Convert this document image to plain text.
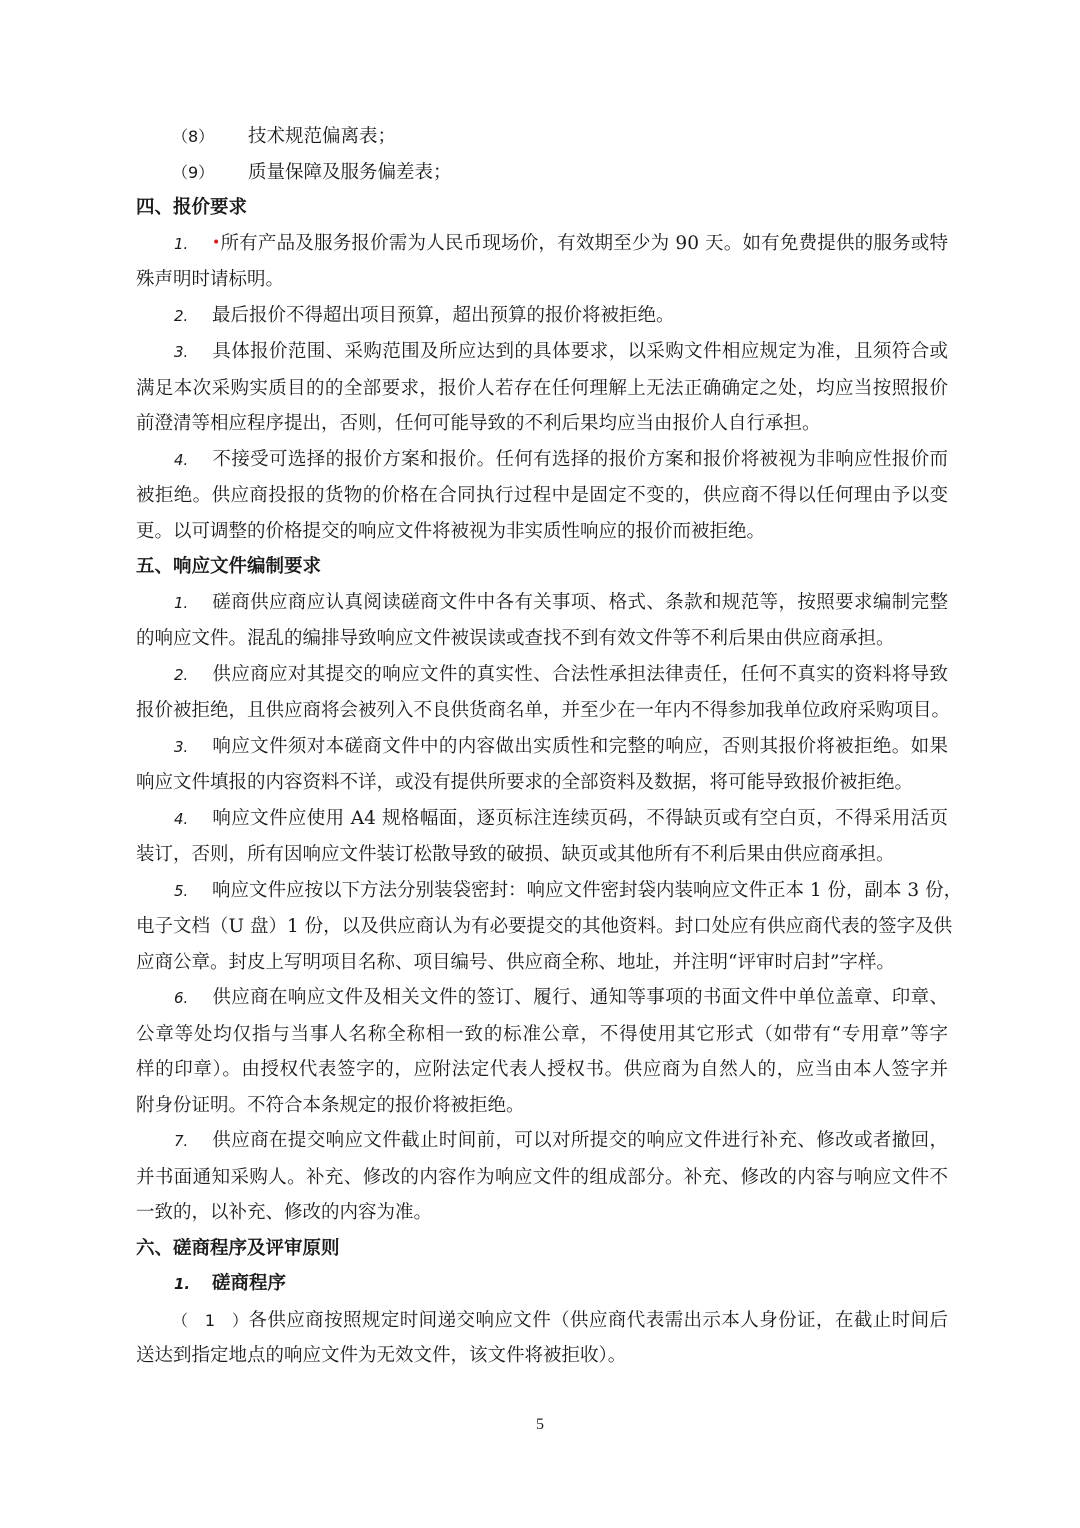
（8） 技术规范偏离表；
（9） 质量保障及服务偏差表；
四、报价要求
1. •所有产品及服务报价需为人民币现场价，有效期至少为 90 天。如有免费提供的服务或特
殊声明时请标明。
2. 最后报价不得超出项目预算，超出预算的报价将被拒绝。
3. 具体报价范围、采购范围及所应达到的具体要求，以采购文件相应规定为准，且须符合或
满足本次采购实质目的的全部要求，报价人若存在任何理解上无法正确确定之处，均应当按照报价
前澄清等相应程序提出，否则，任何可能导致的不利后果均应当由报价人自行承担。
4. 不接受可选择的报价方案和报价。任何有选择的报价方案和报价将被视为非响应性报价而
被拒绝。供应商投报的货物的价格在合同执行过程中是固定不变的，供应商不得以任何理由予以变
更。以可调整的价格提交的响应文件将被视为非实质性响应的报价而被拒绝。
五、响应文件编制要求
1. 磋商供应商应认真阅读磋商文件中各有关事项、格式、条款和规范等，按照要求编制完整
的响应文件。混乱的编排导致响应文件被误读或查找不到有效文件等不利后果由供应商承担。
2. 供应商应对其提交的响应文件的真实性、合法性承担法律责任，任何不真实的资料将导致
报价被拒绝，且供应商将会被列入不良供货商名单，并至少在一年内不得参加我单位政府采购项目。
3. 响应文件须对本磋商文件中的内容做出实质性和完整的响应，否则其报价将被拒绝。如果
响应文件填报的内容资料不详，或没有提供所要求的全部资料及数据，将可能导致报价被拒绝。
4. 响应文件应使用 A4 规格幅面，逐页标注连续页码，不得缺页或有空白页，不得采用活页
装订，否则，所有因响应文件装订松散导致的破损、缺页或其他所有不利后果由供应商承担。
5. 响应文件应按以下方法分别装袋密封：响应文件密封袋内装响应文件正本 1 份，副本 3 份，
电子文档（U 盘）1 份，以及供应商认为有必要提交的其他资料。封口处应有供应商代表的签字及供
应商公章。封皮上写明项目名称、项目编号、供应商全称、地址，并注明“评审时启封”字样。
6. 供应商在响应文件及相关文件的签订、履行、通知等事项的书面文件中单位盖章、印章、
公章等处均仅指与当事人名称全称相一致的标准公章，不得使用其它形式（如带有“专用章”等字
样的印章）。由授权代表签字的，应附法定代表人授权书。供应商为自然人的，应当由本人签字并
附身份证明。不符合本条规定的报价将被拒绝。
7. 供应商在提交响应文件截止时间前，可以对所提交的响应文件进行补充、修改或者撤回，
并书面通知采购人。补充、修改的内容作为响应文件的组成部分。补充、修改的内容与响应文件不
一致的，以补充、修改的内容为准。
六、磋商程序及评审原则
1. 磋商程序
（1）各供应商按照规定时间递交响应文件（供应商代表需出示本人身份证，在截止时间后
送达到指定地点的响应文件为无效文件，该文件将被拒收）。
5
